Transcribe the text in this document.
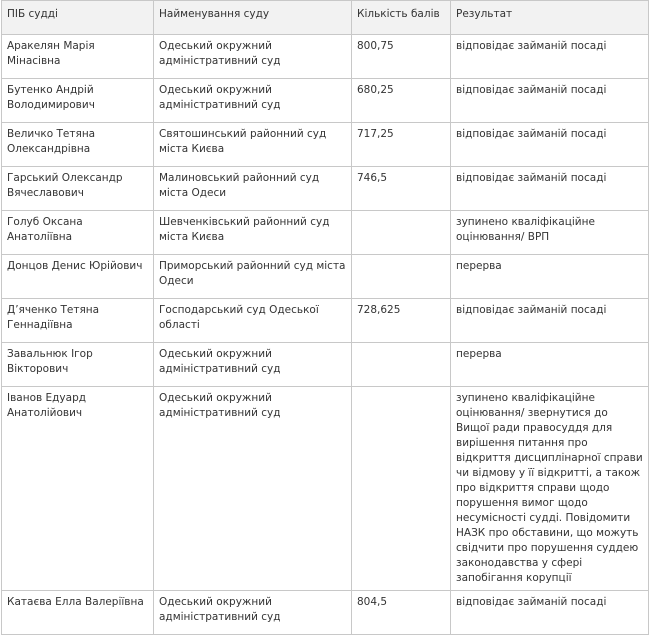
ПІБ судді	Найменування суду	Кількість балів	Результат
Аракелян Марія Мінасівна	Одеський окружний адміністративний суд	800,75	відповідає займаній посаді
Бутенко Андрій Володимирович	Одеський окружний адміністративний суд	680,25	відповідає займаній посаді
Величко Тетяна Олександрівна	Святошинський районний суд міста Києва	717,25	відповідає займаній посаді
Гарський Олександр Вячеславович	Малиновський районний суд міста Одеси	746,5	відповідає займаній посаді
Голуб Оксана Анатоліївна	Шевченківський районний суд міста Києва		зупинено кваліфікаційне оцінювання/ ВРП
Донцов Денис Юрійович	Приморський районний суд міста Одеси		перерва
Д’яченко Тетяна Геннадіївна	Господарський суд Одеської області	728,625	відповідає займаній посаді
Завальнюк Ігор Вікторович	Одеський окружний адміністративний суд		перерва
Іванов Едуард Анатолійович	Одеський окружний адміністративний суд		зупинено кваліфікаційне оцінювання/ звернутися до Вищої ради правосуддя для вирішення питання про відкриття дисциплінарної справи чи відмову у її відкритті, а також про відкриття справи щодо порушення вимог щодо несумісності судді. Повідомити НАЗК про обставини, що можуть свідчити про порушення суддею законодавства у сфері запобігання корупції
Катаєва Елла Валеріївна	Одеський окружний адміністративний суд	804,5	відповідає займаній посаді
